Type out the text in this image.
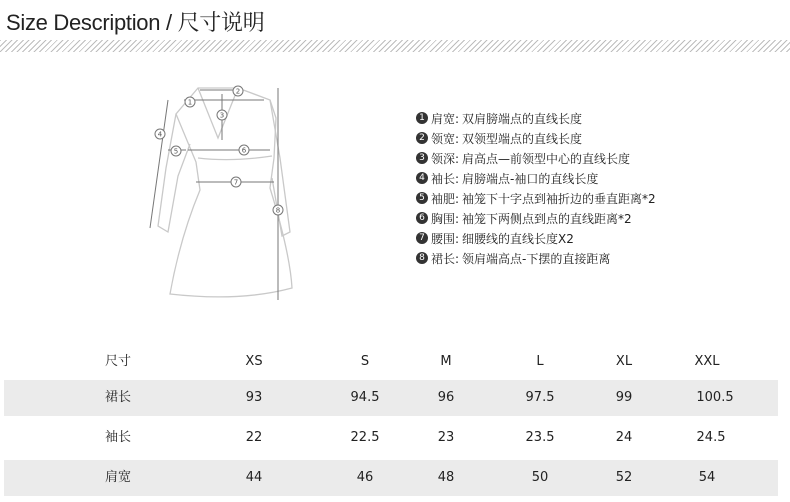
Size Description / 尺寸说明
1
2
3
4
5	6
7
8
1 肩宽: 双肩膀端点的直线长度
2 领宽: 双领型端点的直线长度
3 领深: 肩高点—前领型中心的直线长度
4 袖长: 肩膀端点-袖口的直线长度
5 袖肥: 袖笼下十字点到袖折边的垂直距离*2
6 胸围: 袖笼下两侧点到点的直线距离*2
7 腰围: 细腰线的直线长度X2
8 裙长: 领肩端高点-下摆的直接距离
尺寸	XS	S	M	L	XL	XXL
裙长	93	94.5	96	97.5	99	100.5
袖长	22	22.5	23	23.5	24	24.5
肩宽	44	46	48	50	52	54
